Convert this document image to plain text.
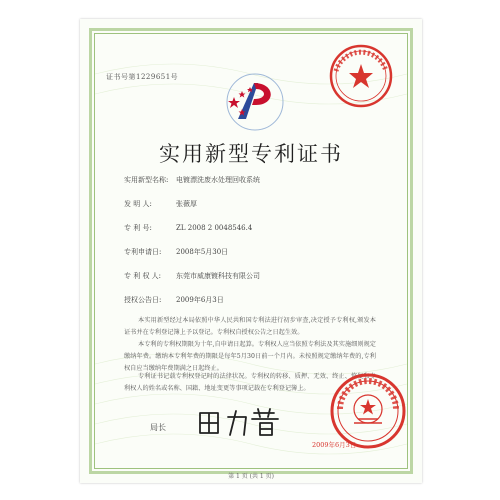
证书号第1229651号
实用新型专利证书
实用新型名称: 电镀漂洗废水处理回收系统
发 明 人:	张薇厚
专 利 号:	ZL 2008 2 0048546.4
专利申请日: 2008年5月30日
专 利 权 人: 东莞市威康镀科技有限公司
授权公告日: 2009年6月3日
本实用新型经过本局依照中华人民共和国专利法进行初步审查,决定授予专利权,颁发本证书并在专利登记簿上予以登记。专利权自授权公告之日起生效。
本专利的专利权期限为十年,自申请日起算。专利权人应当依照专利法及其实施细则规定缴纳年费。缴纳本专利年费的期限是每年5月30日前一个月内。未按照规定缴纳年费的,专利权自应当缴纳年费期满之日起终止。
专利证书记载专利权登记时的法律状况。专利权的转移、质押、无效、终止、恢复和专利权人的姓名或名称、国籍、地址变更等事项记载在专利登记簿上。
局长
2009年6月3日
第 1 页 (共 1 页)
